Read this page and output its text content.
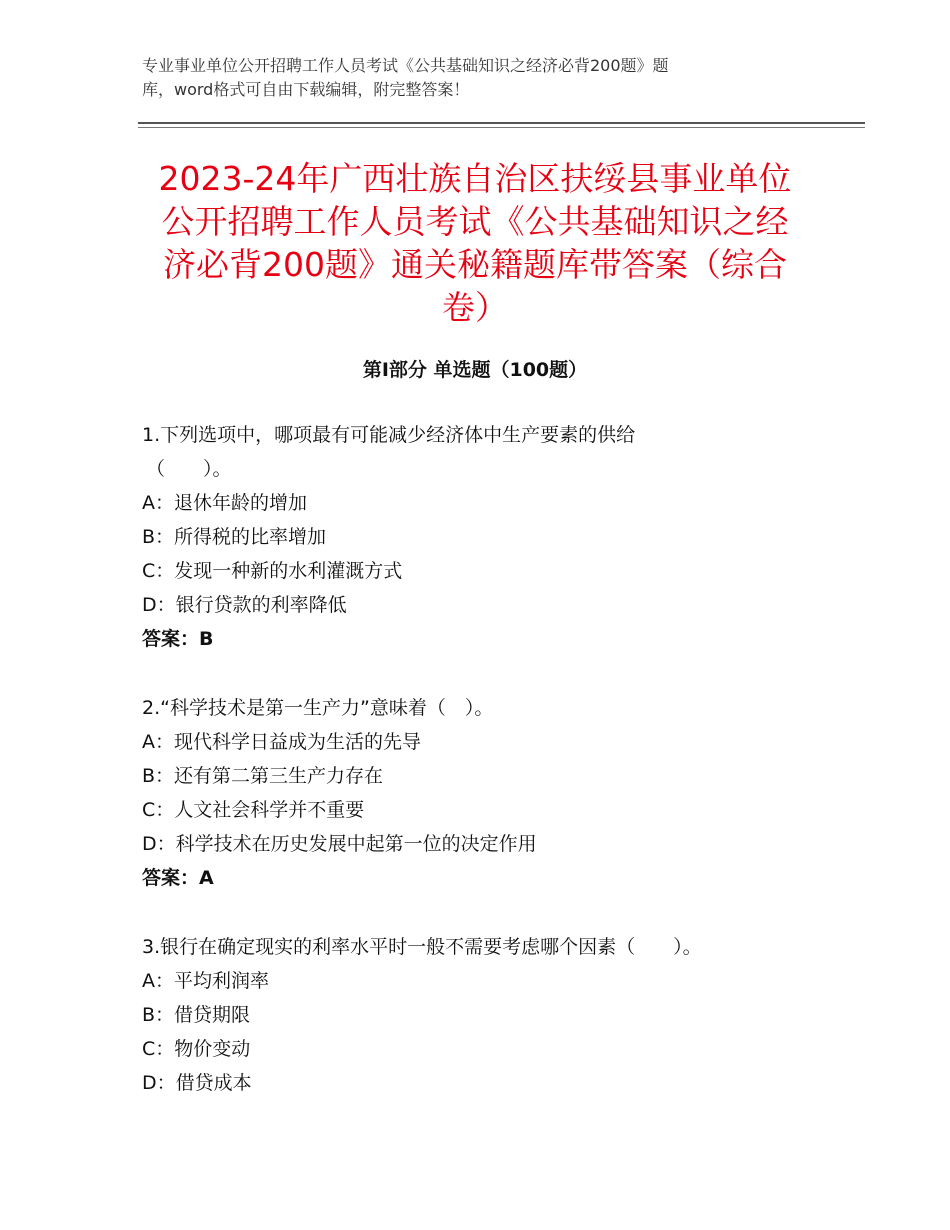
专业事业单位公开招聘工作人员考试《公共基础知识之经济必背200题》题
库，word格式可自由下载编辑，附完整答案！
2023-24年广西壮族自治区扶绥县事业单位
公开招聘工作人员考试《公共基础知识之经
济必背200题》通关秘籍题库带答案（综合
卷）
第Ⅰ部分 单选题（100题）
1.下列选项中，哪项最有可能减少经济体中生产要素的供给
（　　）。
A：退休年龄的增加
B：所得税的比率增加
C：发现一种新的水利灌溉方式
D：银行贷款的利率降低
答案：B
2.“科学技术是第一生产力”意味着（　）。
A：现代科学日益成为生活的先导
B：还有第二第三生产力存在
C：人文社会科学并不重要
D：科学技术在历史发展中起第一位的决定作用
答案：A
3.银行在确定现实的利率水平时一般不需要考虑哪个因素（　　）。
A：平均利润率
B：借贷期限
C：物价变动
D：借贷成本
